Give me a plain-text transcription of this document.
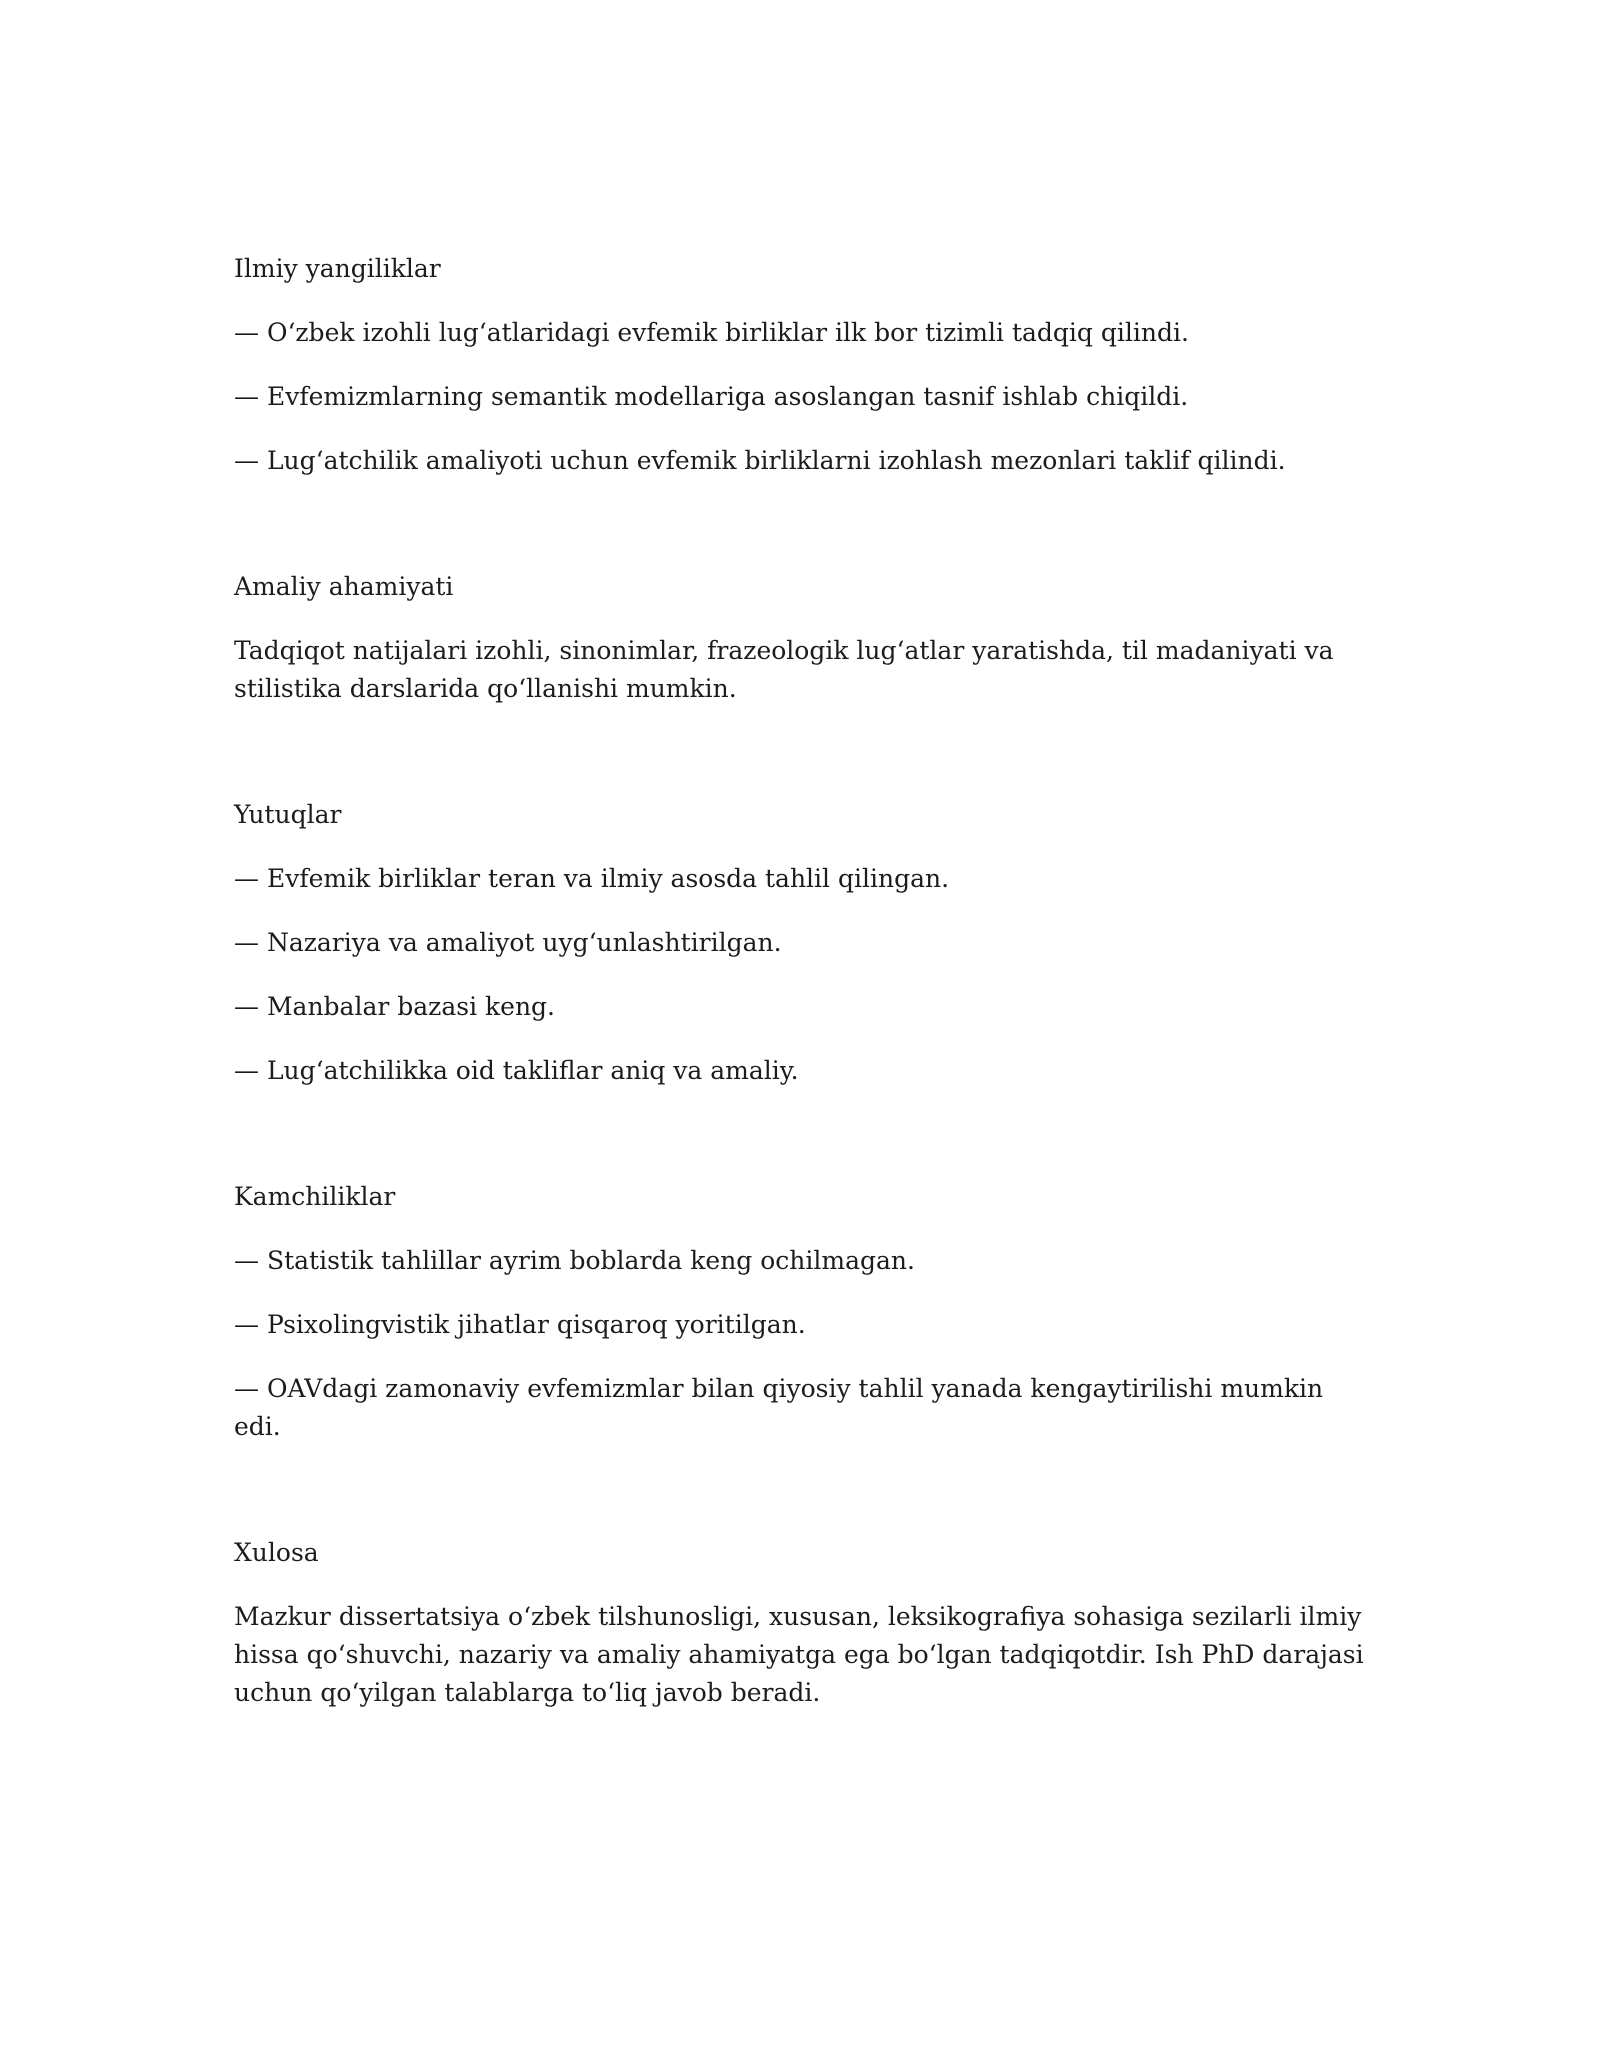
Ilmiy yangiliklar

— O‘zbek izohli lug‘atlaridagi evfemik birliklar ilk bor tizimli tadqiq qilindi.

— Evfemizmlarning semantik modellariga asoslangan tasnif ishlab chiqildi.

— Lug‘atchilik amaliyoti uchun evfemik birliklarni izohlash mezonlari taklif qilindi.

Amaliy ahamiyati

Tadqiqot natijalari izohli, sinonimlar, frazeologik lug‘atlar yaratishda, til madaniyati va stilistika darslarida qo‘llanishi mumkin.

Yutuqlar

— Evfemik birliklar teran va ilmiy asosda tahlil qilingan.

— Nazariya va amaliyot uyg‘unlashtirilgan.

— Manbalar bazasi keng.

— Lug‘atchilikka oid takliflar aniq va amaliy.

Kamchiliklar

— Statistik tahlillar ayrim boblarda keng ochilmagan.

— Psixolingvistik jihatlar qisqaroq yoritilgan.

— OAVdagi zamonaviy evfemizmlar bilan qiyosiy tahlil yanada kengaytirilishi mumkin edi.

Xulosa

Mazkur dissertatsiya o‘zbek tilshunosligi, xususan, leksikografiya sohasiga sezilarli ilmiy hissa qo‘shuvchi, nazariy va amaliy ahamiyatga ega bo‘lgan tadqiqotdir. Ish PhD darajasi uchun qo‘yilgan talablarga to‘liq javob beradi.
